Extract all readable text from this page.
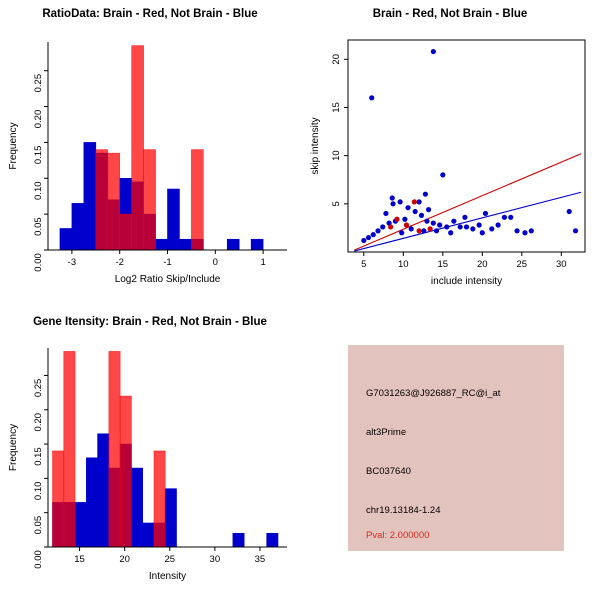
RatioData: Brain - Red, Not Brain - Blue
-3	-2	-1	0	1
0.00
0.05
0.10
0.15
0.20
0.25
Log2 Ratio Skip/Include
Frequency
Brain - Red, Not Brain - Blue
5	10	15	20	25	30
5
10
15
20
include intensity
skip intensity
Gene Itensity: Brain - Red, Not Brain - Blue
15	20	25	30	35
0.00
0.05
0.10
0.15
0.20
0.25
Intensity
Frequency
G7031263@J926887_RC@i_at
alt3Prime
BC037640
chr19.13184-1.24
Pval: 2.000000
